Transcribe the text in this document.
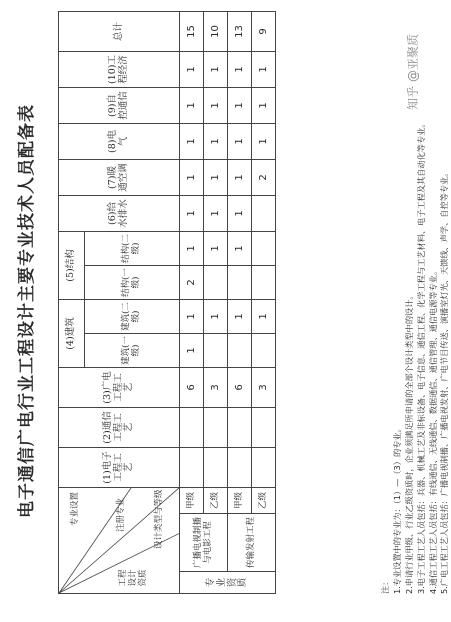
电子通信广电行业工程设计主要专业技术人员配备表	专业设置 注册专业 设计类型与等级
工程设计资质			(1)电子工程工艺	(2)通信工程工艺	(3)广电工程工艺	(4)建筑		(5)结构		(6)给水排水	(7)暖通空调	(8)电气	(9)自控通信	(10)工程经济	总计
						建筑(一级)	建筑(二级)	结构(一级)	结构(二级)						
专业资质	广播电视制播与电影工程	甲级			6	1	1	2	1	1	1	1	1	1	15
		乙级			3		1		1	1	1	1	1	1	10
	传输发射工程	甲级			6		1		1	1	1	1	1	1	13
		乙级			3		1				2	1	1	1	9
注： 1.专业设置中的专业为：（1）—（3）的专业。 2.申请行业甲级、行业乙级资质时，企业须满足所申请的全部个设计类型中的设计。 3.电子工程工艺人员包括：兵器、机械工艺及非标设备、电子信息、通信工程、化学工程与工艺材料、电子工程及其自动化等专业。 4.通信工程工艺人员包括：有线通信、无线通信、数据通信、通信管理、通信电源等专业。 5.广电工程工艺人员包括：广播电视制播、广播电视发射、广电节目传送、演播室灯光、天馈线、声学、自控等专业。
知乎 @亚聚质
